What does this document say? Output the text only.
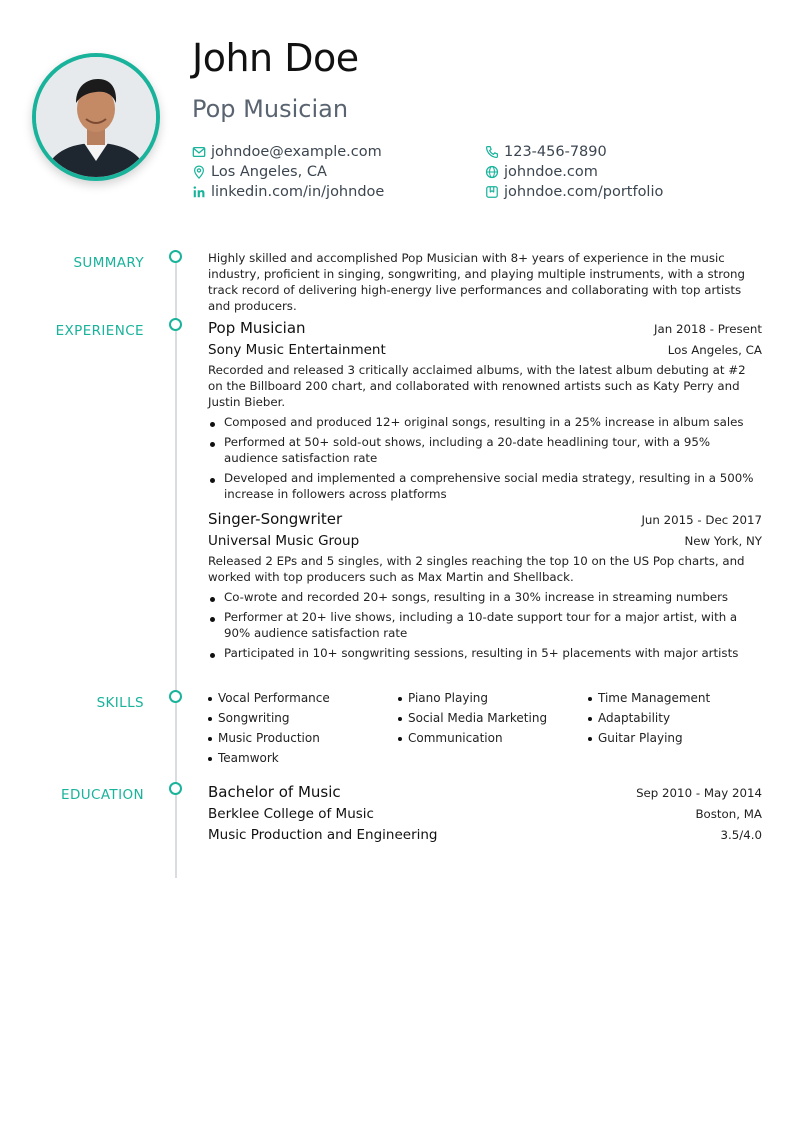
John Doe
Pop Musician
johndoe@example.com	123-456-7890
Los Angeles, CA	johndoe.com
linkedin.com/in/johndoe	johndoe.com/portfolio
SUMMARY	Highly skilled and accomplished Pop Musician with 8+ years of experience in the music industry, proficient in singing, songwriting, and playing multiple instruments, with a strong track record of delivering high-energy live performances and collaborating with top artists and producers.
EXPERIENCE	Pop Musician	Jan 2018 - Present
Sony Music Entertainment	Los Angeles, CA
Recorded and released 3 critically acclaimed albums, with the latest album debuting at #2 on the Billboard 200 chart, and collaborated with renowned artists such as Katy Perry and Justin Bieber.
Composed and produced 12+ original songs, resulting in a 25% increase in album sales
Performed at 50+ sold-out shows, including a 20-date headlining tour, with a 95% audience satisfaction rate
Developed and implemented a comprehensive social media strategy, resulting in a 500% increase in followers across platforms
Singer-Songwriter	Jun 2015 - Dec 2017
Universal Music Group	New York, NY
Released 2 EPs and 5 singles, with 2 singles reaching the top 10 on the US Pop charts, and worked with top producers such as Max Martin and Shellback.
Co-wrote and recorded 20+ songs, resulting in a 30% increase in streaming numbers
Performer at 20+ live shows, including a 10-date support tour for a major artist, with a 90% audience satisfaction rate
Participated in 10+ songwriting sessions, resulting in 5+ placements with major artists
SKILLS	Vocal Performance	Piano Playing	Time Management
Songwriting	Social Media Marketing	Adaptability
Music Production	Communication	Guitar Playing
Teamwork
EDUCATION	Bachelor of Music	Sep 2010 - May 2014
Berklee College of Music	Boston, MA
Music Production and Engineering	3.5/4.0
